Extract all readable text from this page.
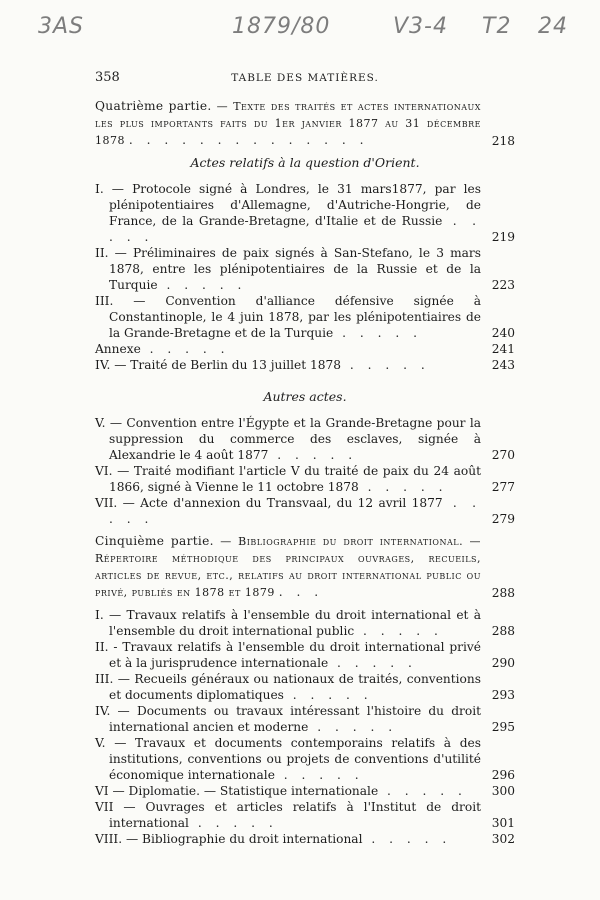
3AS	1879/80	V3-4 T2 24
358	TABLE DES MATIÈRES.
Quatrième partie. — Texte des traités et actes internationaux les plus importants faits du 1er janvier 1877 au 31 décembre 1878 . . . . . . . . . . . . . .	218
Actes relatifs à la question d'Orient.
I. — Protocole signé à Londres, le 31 mars1877, par les plénipotentiaires d'Allemagne, d'Autriche-Hongrie, de France, de la Grande-Bretagne, d'Italie et de Russie . . . . .	219
II. — Préliminaires de paix signés à San-Stefano, le 3 mars 1878, entre les plénipotentiaires de la Russie et de la Turquie . . . . .	223
III. — Convention d'alliance défensive signée à Constantinople, le 4 juin 1878, par les plénipotentiaires de la Grande-Bretagne et de la Turquie . . . . .	240
Annexe . . . . .	241
IV. — Traité de Berlin du 13 juillet 1878 . . . . .	243
Autres actes.
V. — Convention entre l'Égypte et la Grande-Bretagne pour la suppression du commerce des esclaves, signée à Alexandrie le 4 août 1877 . . . . .	270
VI. — Traité modifiant l'article V du traité de paix du 24 août 1866, signé à Vienne le 11 octobre 1878 . . . . .	277
VII. — Acte d'annexion du Transvaal, du 12 avril 1877 . . . . .	279
Cinquième partie. — Bibliographie du droit international. — Répertoire méthodique des principaux ouvrages, recueils, articles de revue, etc., relatifs au droit international public ou privé, publiés en 1878 et 1879 . . .	288
I. — Travaux relatifs à l'ensemble du droit international et à l'ensemble du droit international public . . . . .	288
II. - Travaux relatifs à l'ensemble du droit international privé et à la jurisprudence internationale . . . . .	290
III. — Recueils généraux ou nationaux de traités, conventions et documents diplomatiques . . . . .	293
IV. — Documents ou travaux intéressant l'histoire du droit international ancien et moderne . . . . .	295
V. — Travaux et documents contemporains relatifs à des institutions, conventions ou projets de conventions d'utilité économique internationale . . . . .	296
VI — Diplomatie. — Statistique internationale . . . . . 300
VII — Ouvrages et articles relatifs à l'Institut de droit international . . . . .	301
VIII. — Bibliographie du droit international . . . . .	302
